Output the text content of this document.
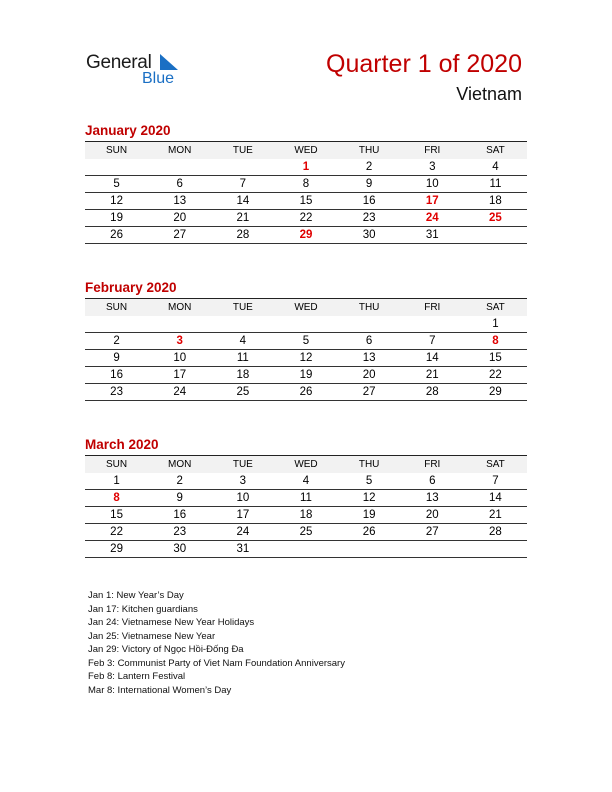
General
Blue
Quarter 1 of 2020
Vietnam
January 2020
SUN	MON	TUE	WED	THU	FRI	SAT
			1	2	3	4
5	6	7	8	9	10	11
12	13	14	15	16	17	18
19	20	21	22	23	24	25
26	27	28	29	30	31	
February 2020
SUN	MON	TUE	WED	THU	FRI	SAT
						1
2	3	4	5	6	7	8
9	10	11	12	13	14	15
16	17	18	19	20	21	22
23	24	25	26	27	28	29
March 2020
SUN	MON	TUE	WED	THU	FRI	SAT
1	2	3	4	5	6	7
8	9	10	11	12	13	14
15	16	17	18	19	20	21
22	23	24	25	26	27	28
29	30	31				
Jan 1: New Year’s Day
Jan 17: Kitchen guardians
Jan 24: Vietnamese New Year Holidays
Jan 25: Vietnamese New Year
Jan 29: Victory of Ngọc Hồi-Đống Đa
Feb 3: Communist Party of Viet Nam Foundation Anniversary
Feb 8: Lantern Festival
Mar 8: International Women’s Day
